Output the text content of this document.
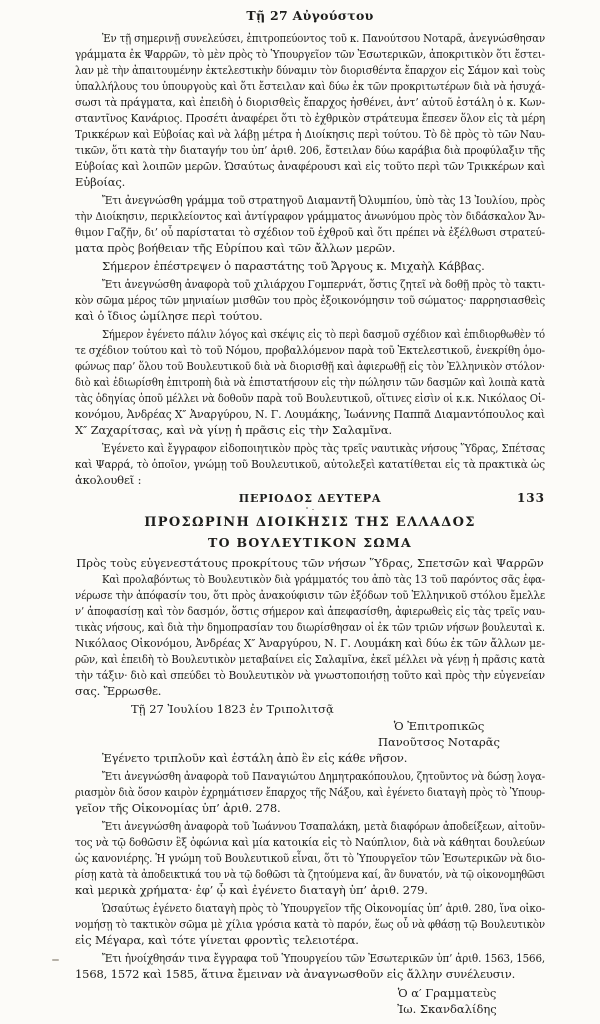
Τῇ 27 Αὐγούστου
Ἐν τῇ σημερινῇ συνελεύσει, ἐπιτροπεύοντος τοῦ κ. Πανούτσου Νοταρᾶ, ἀνεγνώσθησαν
γράμματα ἐκ Ψαρρῶν, τὸ μὲν πρὸς τὸ Ὑπουργεῖον τῶν Ἐσωτερικῶν, ἀποκριτικὸν ὅτι ἔστει-
λαν μὲ τὴν ἀπαιτουμένην ἐκτελεστικὴν δύναμιν τὸν διορισθέντα ἔπαρχον εἰς Σάμον καὶ τοὺς
ὑπαλλήλους του ὑπουργοὺς καὶ ὅτι ἔστειλαν καὶ δύω ἐκ τῶν προκριτωτέρων διὰ νὰ ἡσυχά-
σωσι τὰ πράγματα, καὶ ἐπειδὴ ὁ διορισθεὶς ἔπαρχος ἠσθένει, ἀντ’ αὐτοῦ ἐστάλη ὁ κ. Κων-
σταντῖνος Κανάριος. Προσέτι ἀναφέρει ὅτι τὸ ἐχθρικὸν στράτευμα ἔπεσεν ὅλον εἰς τὰ μέρη
Τρικκέρων καὶ Εὐβοίας καὶ νὰ λάβῃ μέτρα ἡ Διοίκησις περὶ τούτου. Τὸ δὲ πρὸς τὸ τῶν Ναυ-
τικῶν, ὅτι κατὰ τὴν διαταγήν του ὑπ’ ἀριθ. 206, ἔστειλαν δύω καράβια διὰ προφύλαξιν τῆς
Εὐβοίας καὶ λοιπῶν μερῶν. Ὡσαύτως ἀναφέρουσι καὶ εἰς τοῦτο περὶ τῶν Τρικκέρων καὶ
Εὐβοίας.
Ἔτι ἀνεγνώσθη γράμμα τοῦ στρατηγοῦ Διαμαντῆ Ὀλυμπίου, ὑπὸ τὰς 13 Ἰουλίου, πρὸς
τὴν Διοίκησιν, περικλείοντος καὶ ἀντίγραφον γράμματος ἀνωνύμου πρὸς τὸν διδάσκαλον Ἄν-
θιμον Γαζῆν, δι’ οὗ παρίσταται τὸ σχέδιον τοῦ ἐχθροῦ καὶ ὅτι πρέπει νὰ ἐξέλθωσι στρατεύ-
ματα πρὸς βοήθειαν τῆς Εὐρίπου καὶ τῶν ἄλλων μερῶν.
Σήμερον ἐπέστρεψεν ὁ παραστάτης τοῦ Ἄργους κ. Μιχαὴλ Κάββας.
Ἔτι ἀνεγνώσθη ἀναφορὰ τοῦ χιλιάρχου Γομπερνάτ, ὅστις ζητεῖ νὰ δοθῇ πρὸς τὸ τακτι-
κὸν σῶμα μέρος τῶν μηνιαίων μισθῶν του πρὸς ἐξοικονόμησιν τοῦ σώματος· παρρησιασθεὶς
καὶ ὁ ἴδιος ὡμίλησε περὶ τούτου.
Σήμερον ἐγένετο πάλιν λόγος καὶ σκέψις εἰς τὸ περὶ δασμοῦ σχέδιον καὶ ἐπιδιορθωθὲν τό
τε σχέδιον τούτου καὶ τὸ τοῦ Νόμου, προβαλλόμενον παρὰ τοῦ Ἐκτελεστικοῦ, ἐνεκρίθη ὁμο-
φώνως παρ’ ὅλου τοῦ Βουλευτικοῦ διὰ νὰ διορισθῇ καὶ ἀφιερωθῇ εἰς τὸν Ἑλληνικὸν στόλον·
διὸ καὶ ἐδιωρίσθη ἐπιτροπὴ διὰ νὰ ἐπιστατήσουν εἰς τὴν πώλησιν τῶν δασμῶν καὶ λοιπὰ κατὰ
τὰς ὁδηγίας ὁποῦ μέλλει νὰ δοθοῦν παρὰ τοῦ Βουλευτικοῦ, οἵτινες εἰσὶν οἱ κ.κ. Νικόλαος Οἰ-
κονόμου, Ἀνδρέας Χ″ Ἀναργύρου, Ν. Γ. Λουμάκης, Ἰωάννης Παππᾶ Διαμαντόπουλος καὶ
Χ″ Ζαχαρίτσας, καὶ νὰ γίνῃ ἡ πρᾶσις εἰς τὴν Σαλαμῖνα.
Ἐγένετο καὶ ἔγγραφον εἰδοποιητικὸν πρὸς τὰς τρεῖς ναυτικὰς νήσους Ὕδρας, Σπέτσας
καὶ Ψαρρά, τὸ ὁποῖον, γνώμῃ τοῦ Βουλευτικοῦ, αὐτολεξεὶ κατατίθεται εἰς τὰ πρακτικὰ ὡς
ἀκολουθεῖ :
ΠΕΡΙΟΔΟΣ ΔΕΥΤΕΡΑ	133
ΠΡΟΣΩΡΙΝΗ ΔΙΟΙΚΗΣΙΣ ΤΗΣ ΕΛΛΑΔΟΣ
ΤΟ ΒΟΥΛΕΥΤΙΚΟΝ ΣΩΜΑ
Πρὸς τοὺς εὐγενεστάτους προκρίτους τῶν νήσων Ὕδρας, Σπετσῶν καὶ Ψαρρῶν
Καὶ προλαβόντως τὸ Βουλευτικὸν διὰ γράμματός του ἀπὸ τὰς 13 τοῦ παρόντος σᾶς ἐφα-
νέρωσε τὴν ἀπόφασίν του, ὅτι πρὸς ἀνακούφισιν τῶν ἐξόδων τοῦ Ἑλληνικοῦ στόλου ἔμελλε
ν’ ἀποφασίσῃ καὶ τὸν δασμόν, ὅστις σήμερον καὶ ἀπεφασίσθη, ἀφιερωθεὶς εἰς τὰς τρεῖς ναυ-
τικὰς νήσους, καὶ διὰ τὴν δημοπρασίαν του διωρίσθησαν οἱ ἐκ τῶν τριῶν νήσων βουλευταὶ κ.
Νικόλαος Οἰκονόμου, Ἀνδρέας Χ″ Ἀναργύρου, Ν. Γ. Λουμάκη καὶ δύω ἐκ τῶν ἄλλων με-
ρῶν, καὶ ἐπειδὴ τὸ Βουλευτικὸν μεταβαίνει εἰς Σαλαμῖνα, ἐκεῖ μέλλει νὰ γένῃ ἡ πρᾶσις κατὰ
τὴν τάξιν· διὸ καὶ σπεύδει τὸ Βουλευτικὸν νὰ γνωστοποιήσῃ τοῦτο καὶ πρὸς τὴν εὐγενείαν
σας. Ἔρρωσθε.
Τῇ 27 Ἰουλίου 1823 ἐν Τριπολιτσᾷ
Ὁ Ἐπιτροπικῶς
Πανοῦτσος Νοταρᾶς
Ἐγένετο τριπλοῦν καὶ ἐστάλη ἀπὸ ἓν εἰς κάθε νῆσον.
Ἔτι ἀνεγνώσθη ἀναφορὰ τοῦ Παναγιώτου Δημητρακόπουλου, ζητοῦντος νὰ δώσῃ λογα-
ριασμὸν διὰ ὅσον καιρὸν ἐχρημάτισεν ἔπαρχος τῆς Νάξου, καὶ ἐγένετο διαταγὴ πρὸς τὸ Ὑπουρ-
γεῖον τῆς Οἰκονομίας ὑπ’ ἀριθ. 278.
Ἔτι ἀνεγνώσθη ἀναφορὰ τοῦ Ἰωάννου Τσαπαλάκη, μετὰ διαφόρων ἀποδείξεων, αἰτοῦν-
τος νὰ τῷ δοθῶσιν ἓξ ὀφώνια καὶ μία κατοικία εἰς τὸ Ναύπλιον, διὰ νὰ κάθηται δουλεύων
ὡς κανονιέρης. Ἡ γνώμη τοῦ Βουλευτικοῦ εἶναι, ὅτι τὸ Ὑπουργεῖον τῶν Ἐσωτερικῶν νὰ διο-
ρίσῃ κατὰ τὰ ἀποδεικτικά του νὰ τῷ δοθῶσι τὰ ζητούμενα καί, ἂν δυνατόν, νὰ τῷ οἰκονομηθῶσι
καὶ μερικὰ χρήματα· ἐφ’ ᾧ καὶ ἐγένετο διαταγὴ ὑπ’ ἀριθ. 279.
Ὡσαύτως ἐγένετο διαταγὴ πρὸς τὸ Ὑπουργεῖον τῆς Οἰκονομίας ὑπ’ ἀριθ. 280, ἵνα οἰκο-
νομήσῃ τὸ τακτικὸν σῶμα μὲ χίλια γρόσια κατὰ τὸ παρόν, ἕως οὗ νὰ φθάσῃ τῷ Βουλευτικὸν
εἰς Μέγαρα, καὶ τότε γίνεται φροντὶς τελειοτέρα.
Ἔτι ἠνοίχθησάν τινα ἔγγραφα τοῦ Ὑπουργείου τῶν Ἐσωτερικῶν ὑπ’ ἀριθ. 1563, 1566,
1568, 1572 καὶ 1585, ἅτινα ἔμειναν νὰ ἀναγνωσθοῦν εἰς ἄλλην συνέλευσιν.
Ὁ α′ Γραμματεὺς
Ἰω. Σκανδαλίδης
